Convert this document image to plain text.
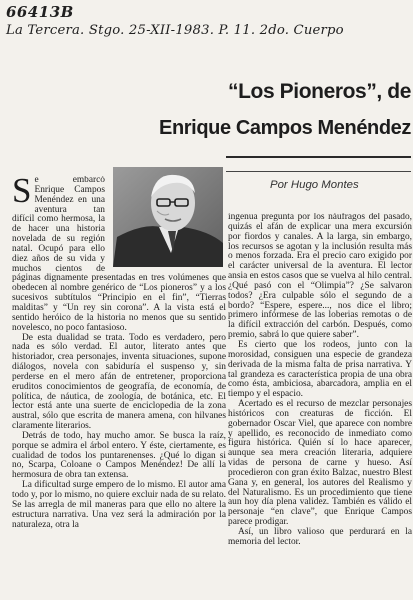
66413B
La Tercera. Stgo. 25-XII-1983. P. 11. 2do. Cuerpo
“Los Pioneros”, de
Enrique Campos Menéndez
Por Hugo Montes

S e embarcó Enrique Campos Menéndez en una aventura tan difícil como hermosa, la de hacer una historia novelada de su región natal. Ocupó para ello diez años de su vida y muchos cientos de páginas dignamente presentadas en tres volúmenes que obedecen al nombre genérico de “Los pioneros” y a los sucesivos subtítulos “Principio en el fin”, “Tierras malditas” y “Un rey sin corona”. A la vista está el sentido heróico de la historia no menos que su sentido novelesco, no poco fantasioso.

De esta dualidad se trata. Todo es verdadero, pero nada es sólo verdad. El autor, literato antes que historiador, crea personajes, inventa situaciones, supone diálogos, novela con sabiduría el suspenso y, sin perderse en el mero afán de entretener, proporciona eruditos conocimientos de geografía, de economía, de política, de náutica, de zoología, de botánica, etc. El lector está ante una suerte de enciclopedia de la zona austral, sólo que escrita de manera amena, con hilvanes claramente literarios.

Detrás de todo, hay mucho amor. Se busca la raíz, porque se admira el árbol entero. Y éste, ciertamente, es cualidad de todos los puntarenenses. ¿Qué lo digan si no, Scarpa, Coloane o Campos Menéndez! De allí la hermosura de obra tan extensa.

La dificultad surge empero de lo mismo. El autor ama todo y, por lo mismo, no quiere excluir nada de su relato. Se las arregla de mil maneras para que ello no altere la estructura narrativa. Una vez será la admiración por la naturaleza, otra la

ingenua pregunta por los náufragos del pasado, quizás el afán de explicar una mera excursión por fiordos y canales. A la larga, sin embargo, los recursos se agotan y la inclusión resulta más o menos forzada. Era el precio caro exigido por el carácter universal de la aventura. El lector ansia en estos casos que se vuelva al hilo central. ¿Qué pasó con el “Olimpia”? ¿Se salvaron todos? ¿Era culpable sólo el segundo de a bordo? “Espere, espere..., nos dice el libro; primero infórmese de las loberias remotas o de la difícil extracción del carbón. Después, como premio, sabrá lo que quiere saber”.

Es cierto que los rodeos, junto con la morosidad, consiguen una especie de grandeza derivada de la misma falta de prisa narrativa. Y tal grandeza es característica propia de una obra como ésta, ambiciosa, abarcadora, amplia en el tiempo y el espacio.

Acertado es el recurso de mezclar personajes históricos con creaturas de ficción. El gobernador Oscar Viel, que aparece con nombre y apellido, es reconocido de inmediato como figura histórica. Quién sí lo hace aparecer, aunque sea mera creación literaria, adquiere vidas de persona de carne y hueso. Así procedieron con gran éxito Balzac, nuestro Blest Gana y, en general, los autores del Realismo y del Naturalismo. Es un procedimiento que tiene aun hoy día plena validez. También es válido el personaje “en clave”, que Enrique Campos parece prodigar.

Así, un libro valioso que perdurará en la memoria del lector.
